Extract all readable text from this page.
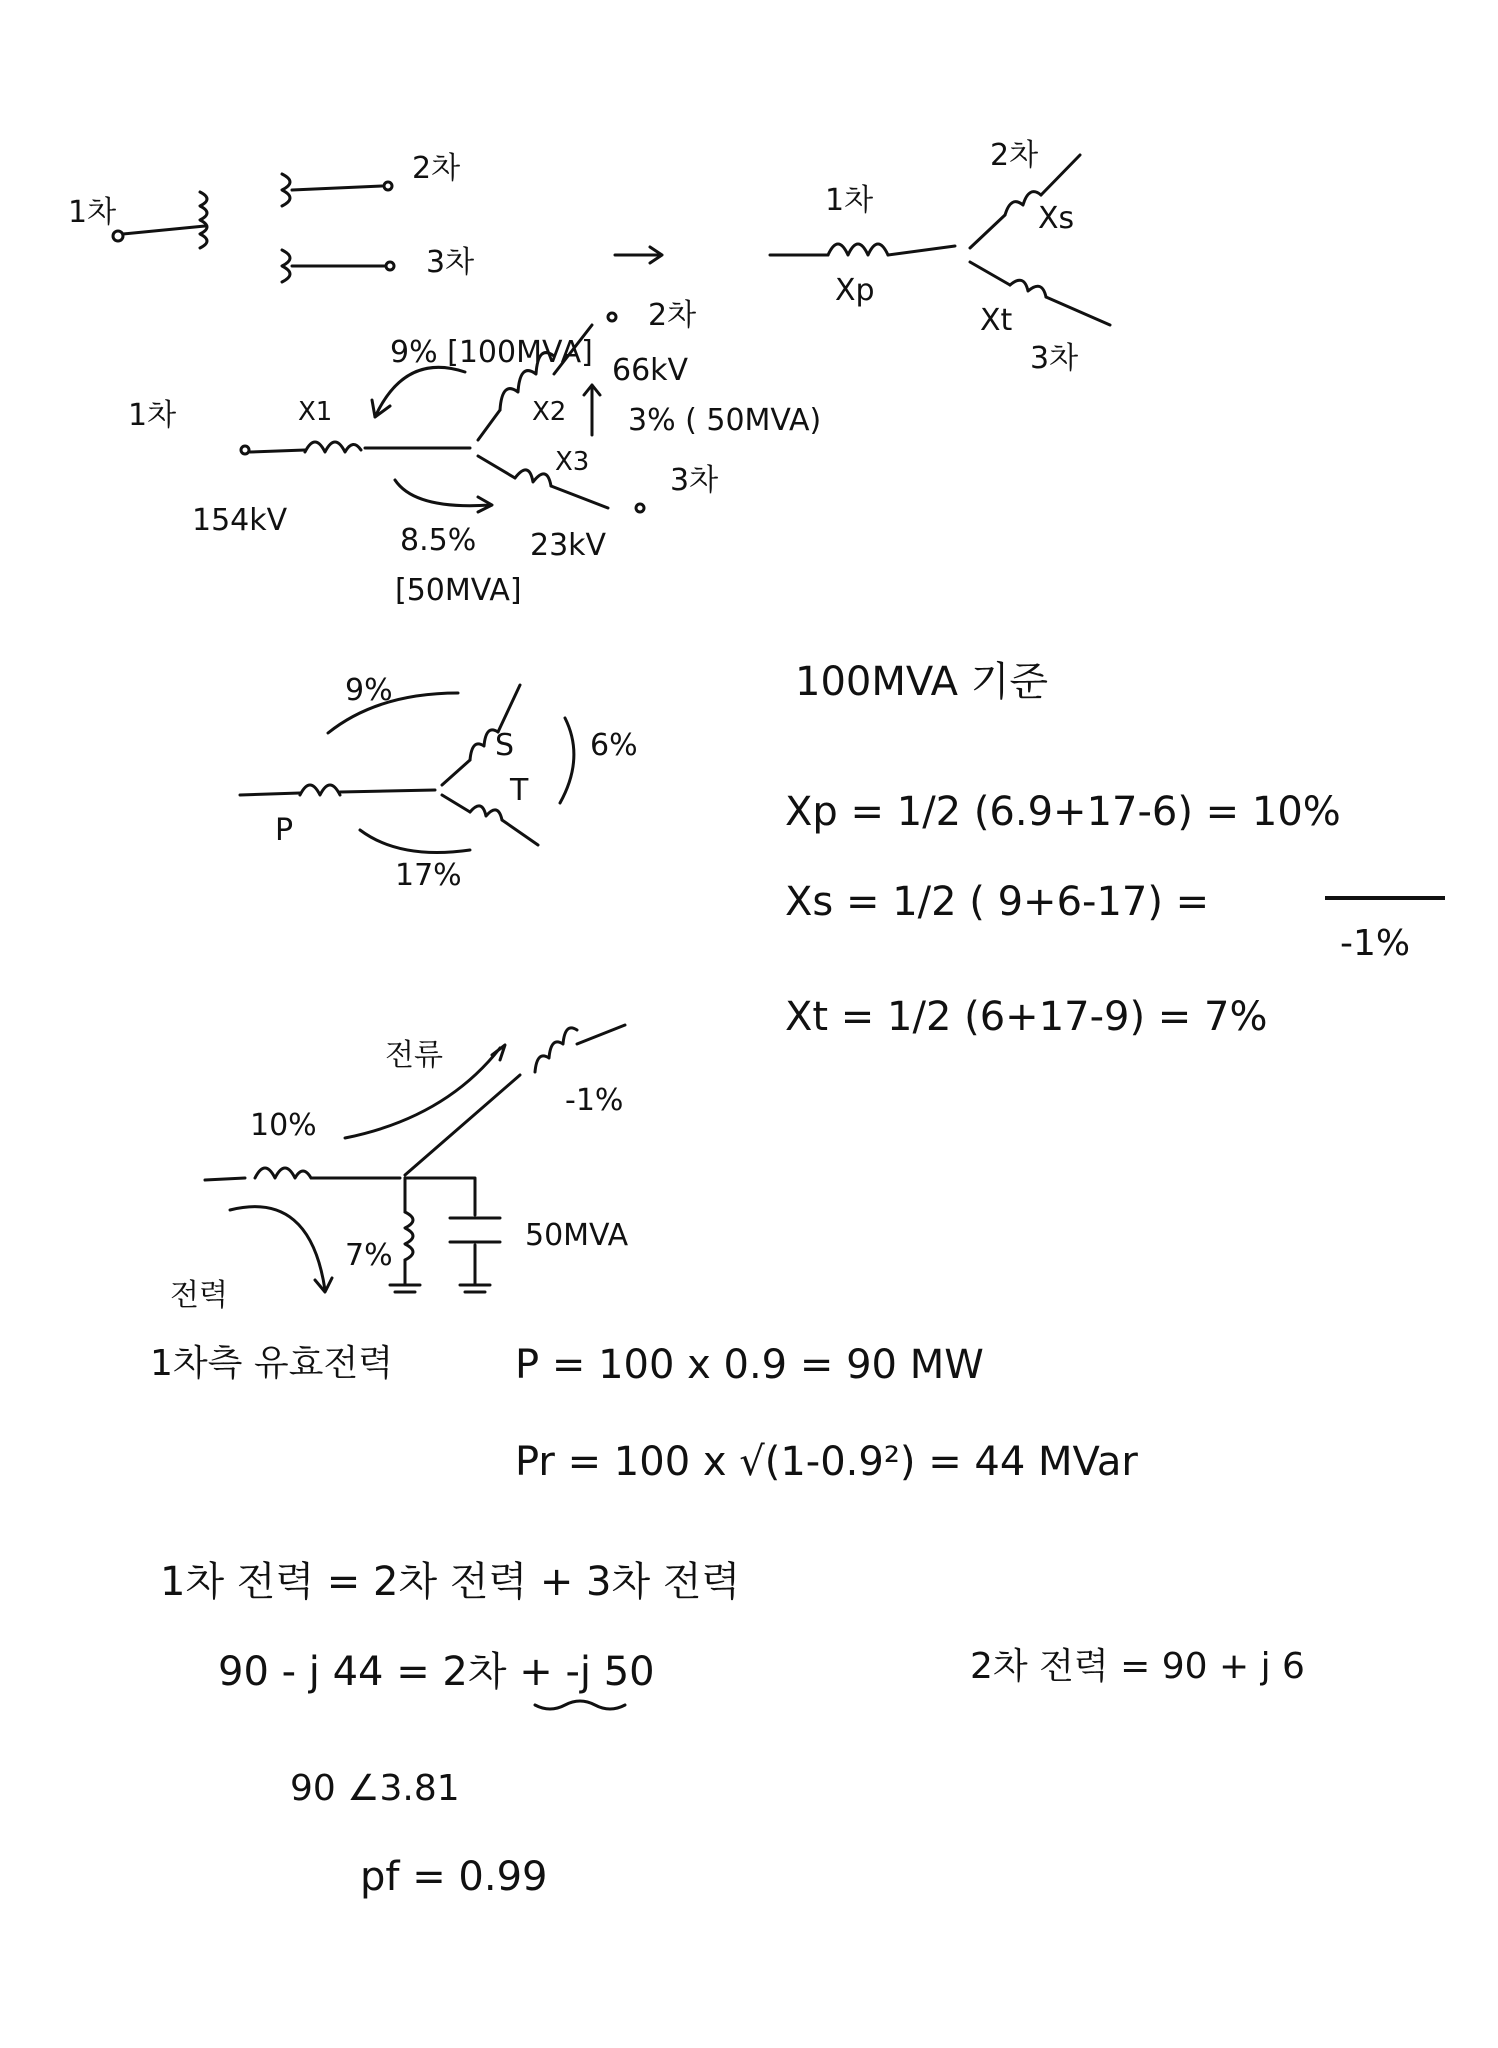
1차
2차
3차
1차
Xp
2차
Xs
Xt
3차
1차	X1
154kV
2차
X2
66kV
3차
X3
23kV
9% [100MVA]
3% ( 50MVA)
8.5%
[50MVA]
P
S
T
9%
6%
17%
100MVA 기준
Xp = 1/2 (6.9+17-6) = 10%
Xs = 1/2 ( 9+6-17) =
-1%
Xt = 1/2 (6+17-9) = 7%
10%
-1%
7%
50MVA
전류
전력
1차측 유효전력	P = 100 x 0.9 = 90 MW
Pr = 100 x √(1-0.9²) = 44 MVar
1차 전력 = 2차 전력 + 3차 전력
90 - j 44 = 2차 + -j 50	2차 전력 = 90 + j 6
90 ∠3.81
pf = 0.99
